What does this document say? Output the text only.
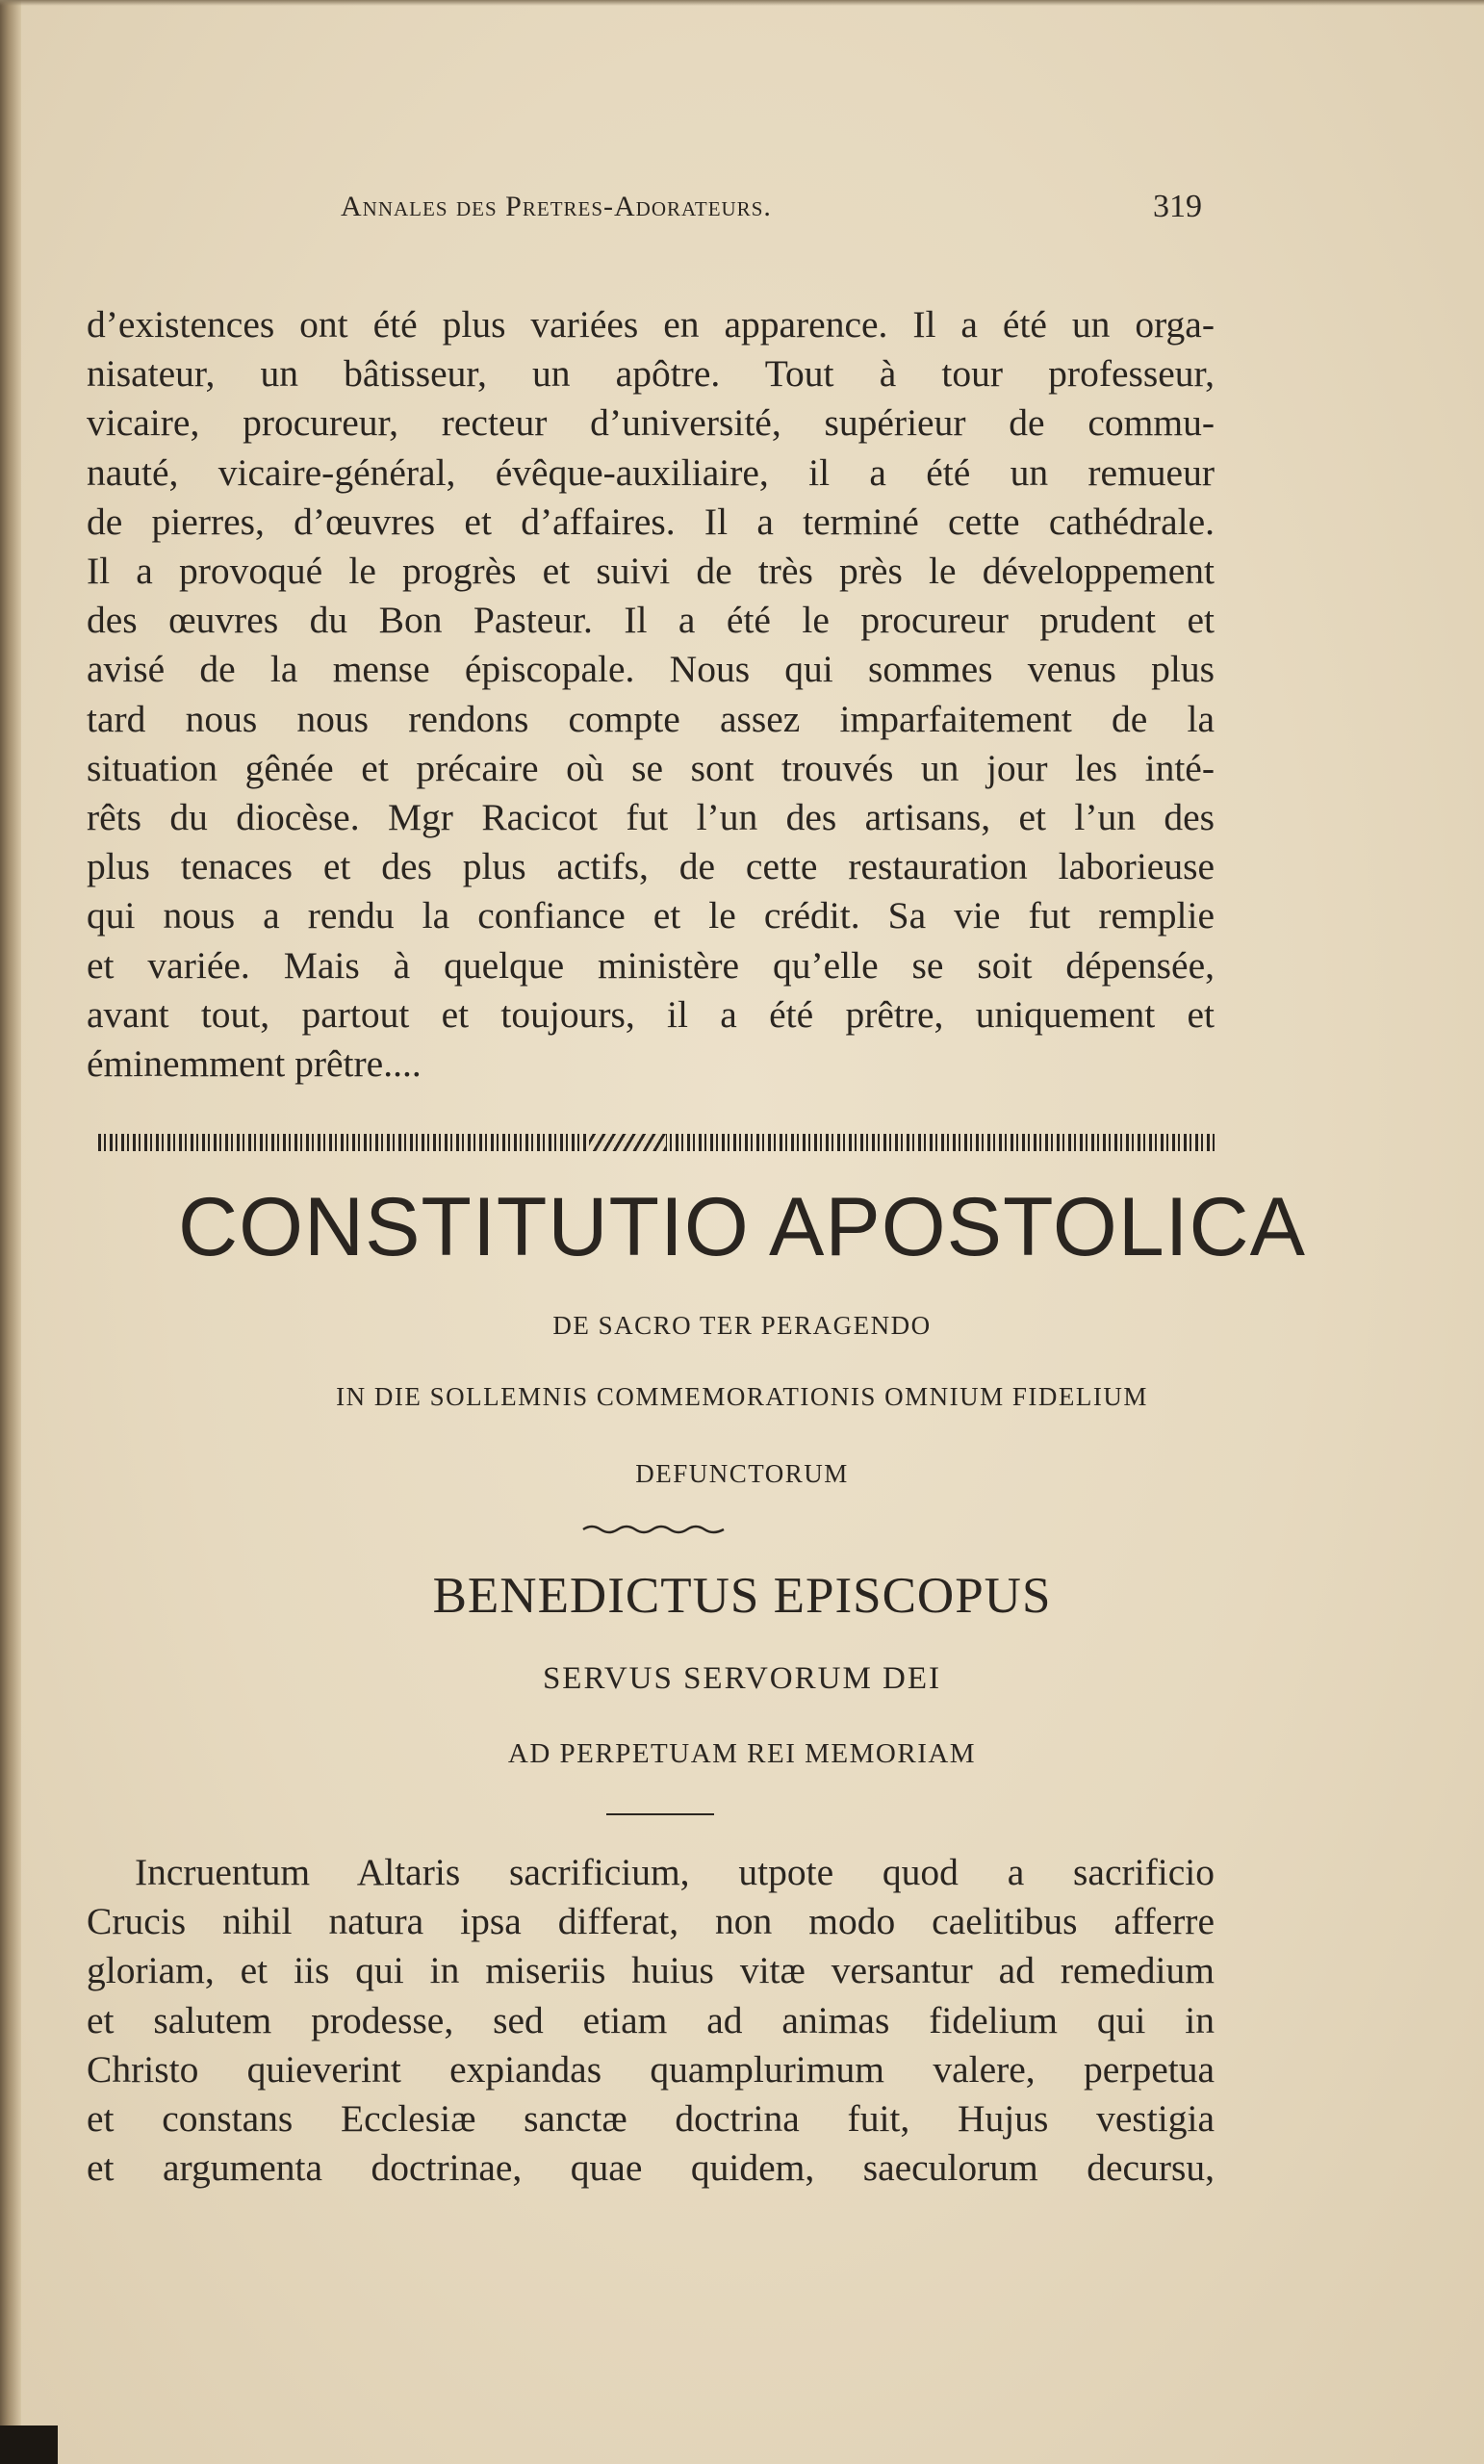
Annales des Pretres-Adorateurs.	319

d’existences ont été plus variées en apparence. Il a été un orga-
nisateur, un bâtisseur, un apôtre. Tout à tour professeur,
vicaire, procureur, recteur d’université, supérieur de commu-
nauté, vicaire-général, évêque-auxiliaire, il a été un remueur
de pierres, d’œuvres et d’affaires. Il a terminé cette cathédrale.
Il a provoqué le progrès et suivi de très près le développement
des œuvres du Bon Pasteur. Il a été le procureur prudent et
avisé de la mense épiscopale. Nous qui sommes venus plus
tard nous nous rendons compte assez imparfaitement de la
situation gênée et précaire où se sont trouvés un jour les inté-
rêts du diocèse. Mgr Racicot fut l’un des artisans, et l’un des
plus tenaces et des plus actifs, de cette restauration laborieuse
qui nous a rendu la confiance et le crédit. Sa vie fut remplie
et variée. Mais à quelque ministère qu’elle se soit dépensée,
avant tout, partout et toujours, il a été prêtre, uniquement et
éminemment prêtre....

CONSTITUTIO APOSTOLICA

DE SACRO TER PERAGENDO

IN DIE SOLLEMNIS COMMEMORATIONIS OMNIUM FIDELIUM

DEFUNCTORUM

BENEDICTUS EPISCOPUS

SERVUS SERVORUM DEI

AD PERPETUAM REI MEMORIAM

Incruentum Altaris sacrificium, utpote quod a sacrificio
Crucis nihil natura ipsa differat, non modo caelitibus afferre
gloriam, et iis qui in miseriis huius vitæ versantur ad remedium
et salutem prodesse, sed etiam ad animas fidelium qui in
Christo quieverint expiandas quamplurimum valere, perpetua
et constans Ecclesiæ sanctæ doctrina fuit, Hujus vestigia
et argumenta doctrinae, quae quidem, saeculorum decursu,
